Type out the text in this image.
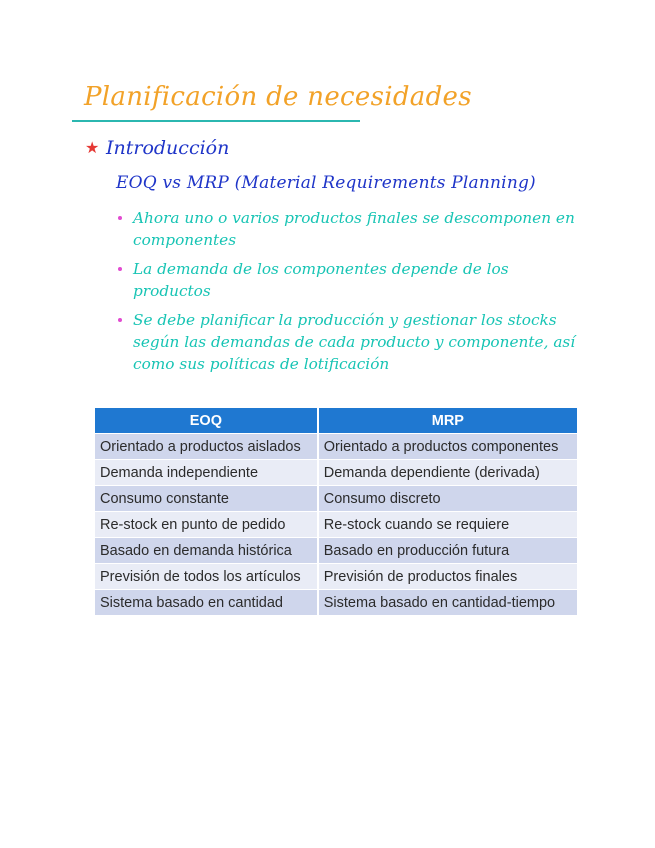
Planificación de necesidades
★ Introducción
EOQ vs MRP (Material Requirements Planning)
Ahora uno o varios productos finales se descomponen en componentes
La demanda de los componentes depende de los productos
Se debe planificar la producción y gestionar los stocks según las demandas de cada producto y componente, así como sus políticas de lotificación
EOQ	MRP
Orientado a productos aislados	Orientado a productos componentes
Demanda independiente	Demanda dependiente (derivada)
Consumo constante	Consumo discreto
Re-stock en punto de pedido	Re-stock cuando se requiere
Basado en demanda histórica	Basado en producción futura
Previsión de todos los artículos	Previsión de productos finales
Sistema basado en cantidad	Sistema basado en cantidad-tiempo
